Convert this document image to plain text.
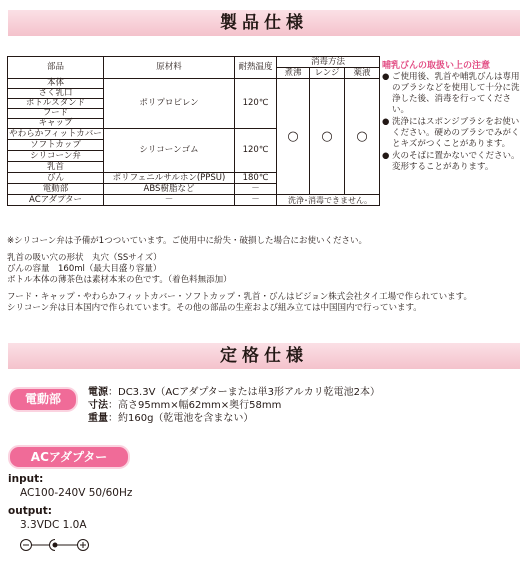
製品仕様
部品	原材料	耐熱温度	消毒方法		
			煮沸	レンジ	薬液
本体	ポリプロピレン	120℃	○	○	○
さく乳口					
ボトルスタンド					
フード					
キャップ					
やわらかフィットカバー	シリコーンゴム	120℃			
ソフトカップ					
シリコーン弁					
乳首					
びん	ポリフェニルサルホン(PPSU)	180℃			
電動部	ABS樹脂など	－			
ACアダプター	－	－	洗浄･消毒できません｡		
哺乳びんの取扱い上の注意
● ご使用後、乳首や哺乳びんは専用のブラシなどを使用して十分に洗浄した後、消毒を行ってください。
● 洗浄にはスポンジブラシをお使いください。硬めのブラシでみがくとキズがつくことがあります。
● 火のそばに置かないでください。変形することがあります。
※シリコーン弁は予備が1つついています。ご使用中に紛失・破損した場合にお使いください。
乳首の吸い穴の形状　丸穴（SSサイズ）
びんの容量　160ml（最大目盛り容量）
ボトル本体の薄茶色は素材本来の色です。（着色料無添加）
フード・キャップ・やわらかフィットカバー・ソフトカップ・乳首・びんはピジョン株式会社タイ工場で作られています。
シリコーン弁は日本国内で作られています。その他の部品の生産および組み立ては中国国内で行っています。
定格仕様
電動部	電源：DC3.3V（ACアダプターまたは単3形アルカリ乾電池2本）
寸法：高さ95mm×幅62mm×奥行58mm
重量：約160g（乾電池を含まない）
ACアダプター
input:
AC100-240V 50/60Hz
output:
3.3VDC 1.0A
